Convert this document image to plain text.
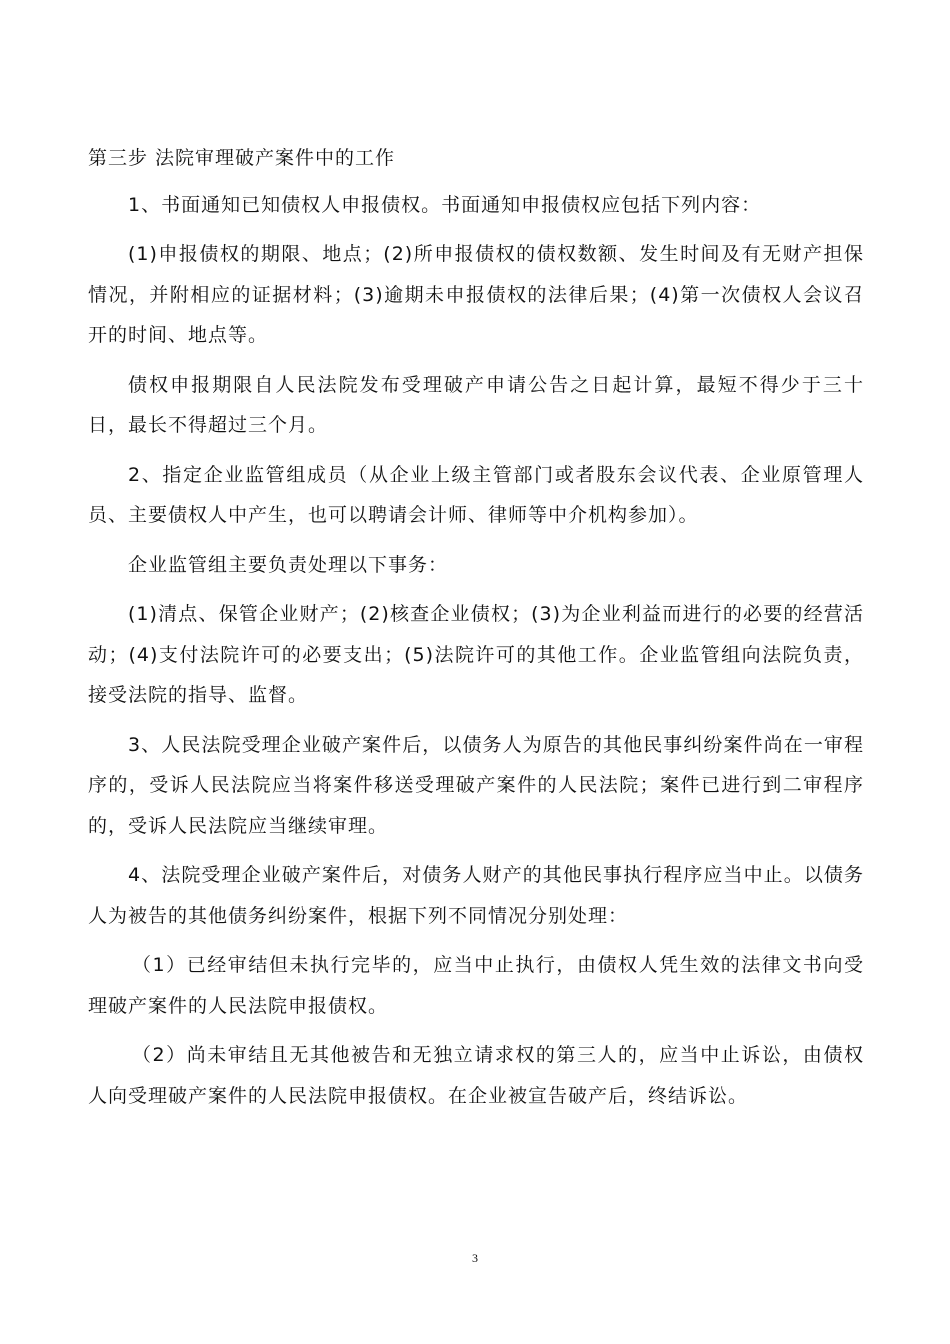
第三步 法院审理破产案件中的工作

1、书面通知已知债权人申报债权。书面通知申报债权应包括下列内容：

(1)申报债权的期限、地点；(2)所申报债权的债权数额、发生时间及有无财产担保情况，并附相应的证据材料；(3)逾期未申报债权的法律后果；(4)第一次债权人会议召开的时间、地点等。

债权申报期限自人民法院发布受理破产申请公告之日起计算，最短不得少于三十日，最长不得超过三个月。

2、指定企业监管组成员（从企业上级主管部门或者股东会议代表、企业原管理人员、主要债权人中产生，也可以聘请会计师、律师等中介机构参加）。

企业监管组主要负责处理以下事务：

(1)清点、保管企业财产；(2)核查企业债权；(3)为企业利益而进行的必要的经营活动；(4)支付法院许可的必要支出；(5)法院许可的其他工作。企业监管组向法院负责，接受法院的指导、监督。

3、人民法院受理企业破产案件后，以债务人为原告的其他民事纠纷案件尚在一审程序的，受诉人民法院应当将案件移送受理破产案件的人民法院；案件已进行到二审程序的，受诉人民法院应当继续审理。

4、法院受理企业破产案件后，对债务人财产的其他民事执行程序应当中止。以债务人为被告的其他债务纠纷案件，根据下列不同情况分别处理：

（1）已经审结但未执行完毕的，应当中止执行，由债权人凭生效的法律文书向受理破产案件的人民法院申报债权。

（2）尚未审结且无其他被告和无独立请求权的第三人的，应当中止诉讼，由债权人向受理破产案件的人民法院申报债权。在企业被宣告破产后，终结诉讼。

3
